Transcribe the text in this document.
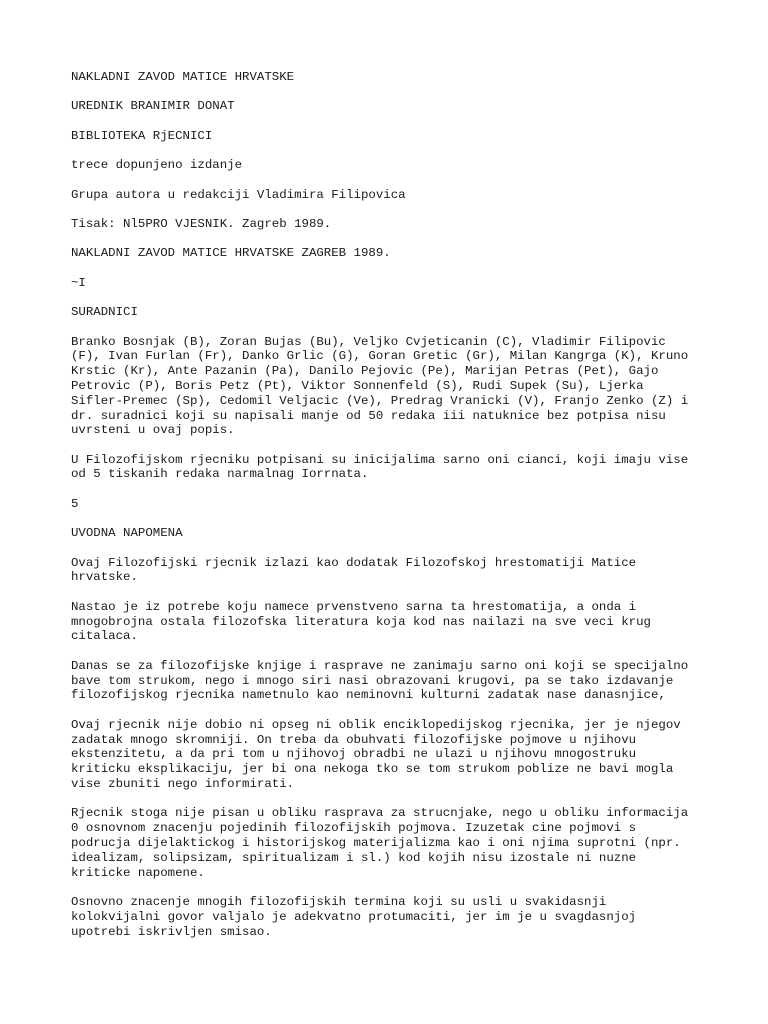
NAKLADNI ZAVOD MATICE HRVATSKE

UREDNIK BRANIMIR DONAT

BIBLIOTEKA RjECNICI

trece dopunjeno izdanje

Grupa autora u redakciji Vladimira Filipovica

Tisak: Nl5PRO VJESNIK. Zagreb 1989.

NAKLADNI ZAVOD MATICE HRVATSKE ZAGREB 1989.

~I

SURADNICI

Branko Bosnjak (B), Zoran Bujas (Bu), Veljko Cvjeticanin (C), Vladimir Filipovic
(F), Ivan Furlan (Fr), Danko Grlic (G), Goran Gretic (Gr), Milan Kangrga (K), Kruno
Krstic (Kr), Ante Pazanin (Pa), Danilo Pejovic (Pe), Marijan Petras (Pet), Gajo
Petrovic (P), Boris Petz (Pt), Viktor Sonnenfeld (S), Rudi Supek (Su), Ljerka
Sifler-Premec (Sp), Cedomil Veljacic (Ve), Predrag Vranicki (V), Franjo Zenko (Z) i
dr. suradnici koji su napisali manje od 50 redaka iii natuknice bez potpisa nisu
uvrsteni u ovaj popis.

U Filozofijskom rjecniku potpisani su inicijalima sarno oni cianci, koji imaju vise
od 5 tiskanih redaka narmalnag Iorrnata.

5

UVODNA NAPOMENA

Ovaj Filozofijski rjecnik izlazi kao dodatak Filozofskoj hrestomatiji Matice
hrvatske.

Nastao je iz potrebe koju namece prvenstveno sarna ta hrestomatija, a onda i
mnogobrojna ostala filozofska literatura koja kod nas nailazi na sve veci krug
citalaca.

Danas se za filozofijske knjige i rasprave ne zanimaju sarno oni koji se specijalno
bave tom strukom, nego i mnogo siri nasi obrazovani krugovi, pa se tako izdavanje
filozofijskog rjecnika nametnulo kao neminovni kulturni zadatak nase danasnjice,

Ovaj rjecnik nije dobio ni opseg ni oblik enciklopedijskog rjecnika, jer je njegov
zadatak mnogo skromniji. On treba da obuhvati filozofijske pojmove u njihovu
ekstenzitetu, a da pri tom u njihovoj obradbi ne ulazi u njihovu mnogostruku
kriticku eksplikaciju, jer bi ona nekoga tko se tom strukom poblize ne bavi mogla
vise zbuniti nego informirati.

Rjecnik stoga nije pisan u obliku rasprava za strucnjake, nego u obliku informacija
0 osnovnom znacenju pojedinih filozofijskih pojmova. Izuzetak cine pojmovi s
podrucja dijelaktickog i historijskog materijalizma kao i oni njima suprotni (npr.
idealizam, solipsizam, spiritualizam i sl.) kod kojih nisu izostale ni nuzne
kriticke napomene.

Osnovno znacenje mnogih filozofijskih termina koji su usli u svakidasnji
kolokvijalni govor valjalo je adekvatno protumaciti, jer im je u svagdasnjoj
upotrebi iskrivljen smisao.
